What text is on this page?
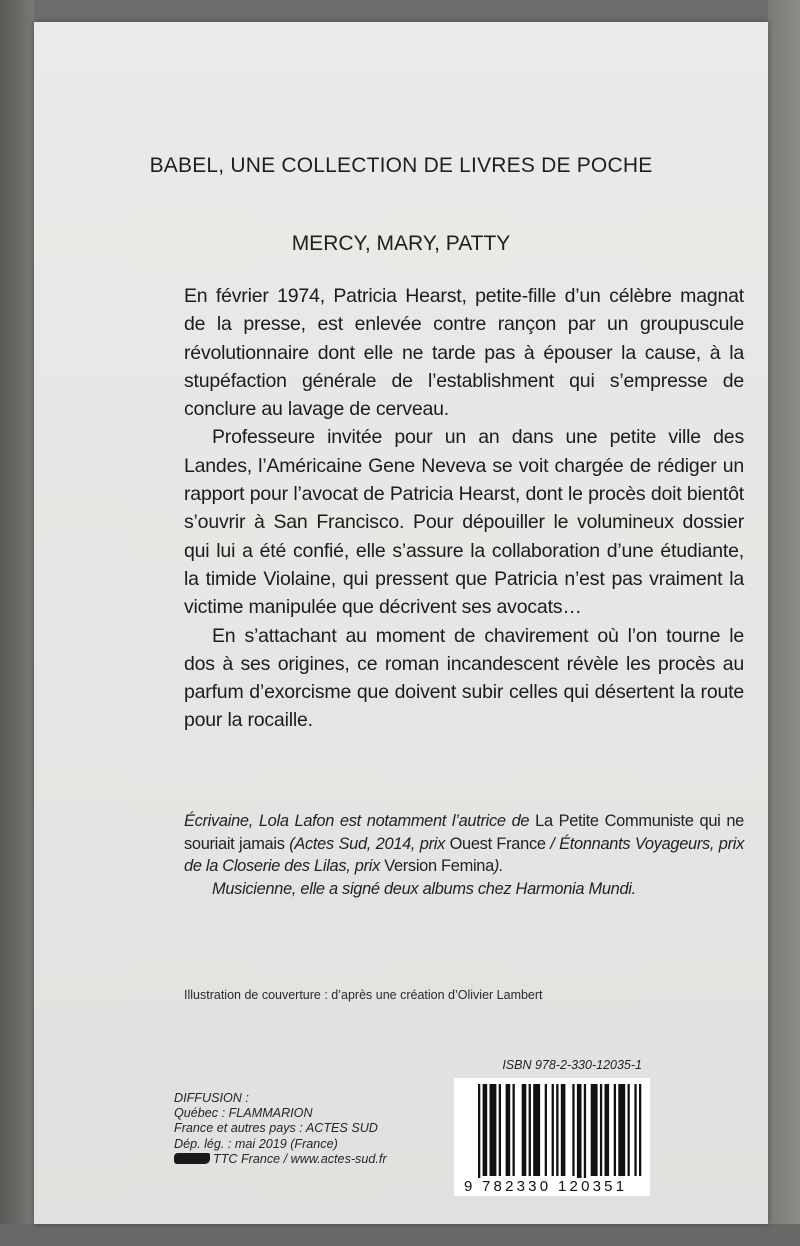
BABEL, UNE COLLECTION DE LIVRES DE POCHE
MERCY, MARY, PATTY

En février 1974, Patricia Hearst, petite-fille d’un célèbre magnat de la presse, est enlevée contre rançon par un groupuscule révolutionnaire dont elle ne tarde pas à épouser la cause, à la stupéfaction générale de l’establishment qui s’empresse de conclure au lavage de cerveau.

Professeure invitée pour un an dans une petite ville des Landes, l’Américaine Gene Neveva se voit chargée de rédiger un rapport pour l’avocat de Patricia Hearst, dont le procès doit bientôt s’ouvrir à San Francisco. Pour dépouiller le volumineux dossier qui lui a été confié, elle s’assure la collaboration d’une étudiante, la timide Violaine, qui pressent que Patricia n’est pas vraiment la victime manipulée que décrivent ses avocats…

En s’attachant au moment de chavirement où l’on tourne le dos à ses origines, ce roman incandescent révèle les procès au parfum d’exorcisme que doivent subir celles qui désertent la route pour la rocaille.

Écrivaine, Lola Lafon est notamment l’autrice de La Petite Communiste qui ne souriait jamais (Actes Sud, 2014, prix Ouest France / Étonnants Voyageurs, prix de la Closerie des Lilas, prix Version Femina).

Musicienne, elle a signé deux albums chez Harmonia Mundi.

Illustration de couverture : d’après une création d’Olivier Lambert
DIFFUSION :
Québec : FLAMMARION
France et autres pays : ACTES SUD
Dép. lég. : mai 2019 (France)
TTC France / www.actes-sud.fr
ISBN 978-2-330-12035-1
9 782330 120351
